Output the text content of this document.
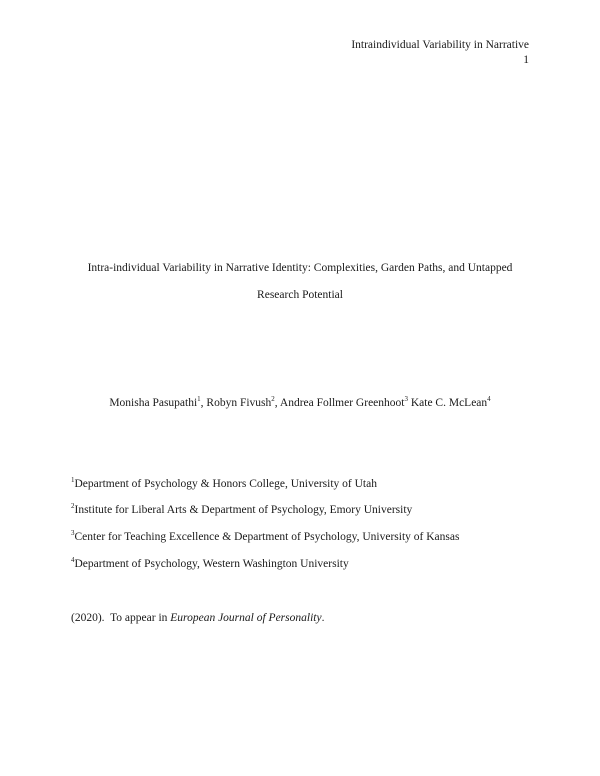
Intraindividual Variability in Narrative
1
Intra-individual Variability in Narrative Identity: Complexities, Garden Paths, and Untapped
Research Potential
Monisha Pasupathi$^1$, Robyn Fivush$^2$, Andrea Follmer Greenhoot$^3$ Kate C. McLean$^4$
$^1$Department of Psychology & Honors College, University of Utah
$^2$Institute for Liberal Arts & Department of Psychology, Emory University
$^3$Center for Teaching Excellence & Department of Psychology, University of Kansas
$^4$Department of Psychology, Western Washington University
(2020).  To appear in European Journal of Personality.
